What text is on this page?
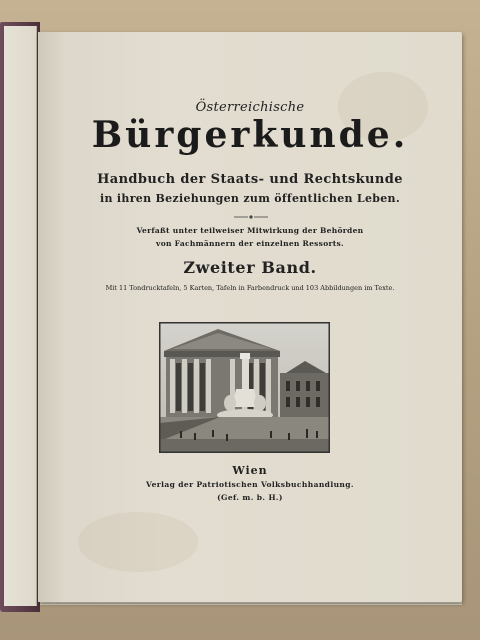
Österreichische
Bürgerkunde.
Handbuch der Staats- und Rechtskunde
in ihren Beziehungen zum öffentlichen Leben.
Verfaßt unter teilweiser Mitwirkung der Behörden
von Fachmännern der einzelnen Ressorts.
Zweiter Band.
Mit 11 Tondrucktafeln, 5 Karten, Tafeln in Farbendruck und 103 Abbildungen im Texte.
Wien
Verlag der Patriotischen Volksbuchhandlung.
(Gef. m. b. H.)
